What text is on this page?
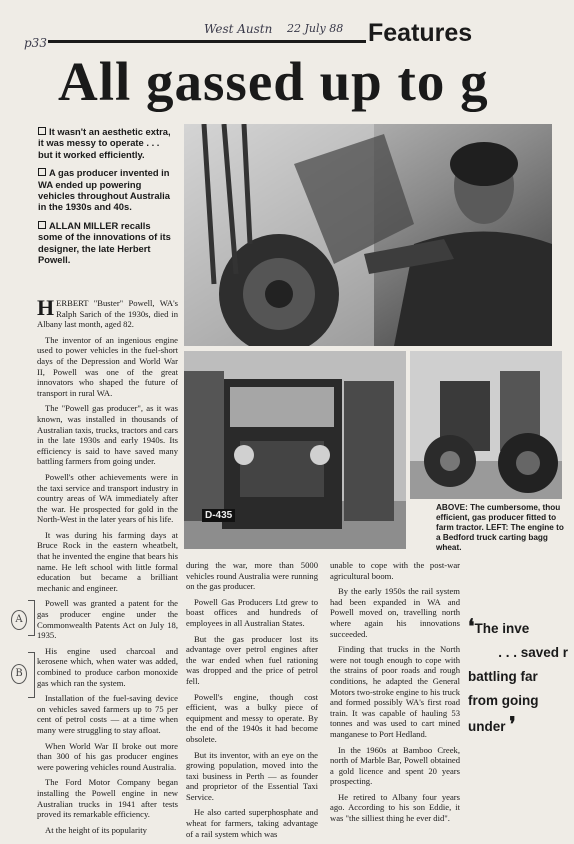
p33
West Austn 22 July 88 Features
All gassed up to g

It wasn't an aesthetic extra, it was messy to operate . . . but it worked efficiently.

A gas producer invented in WA ended up powering vehicles throughout Australia in the 1930s and 40s.

ALLAN MILLER recalls some of the innovations of its designer, the late Herbert Powell.

D-435
ABOVE: The cumbersome, thou efficient, gas producer fitted to farm tractor. LEFT: The engine to a Bedford truck carting bagg wheat.

HERBERT "Buster" Powell, WA's Ralph Sarich of the 1930s, died in Albany last month, aged 82.

The inventor of an ingenious engine used to power vehicles in the fuel-short days of the Depression and World War II, Powell was one of the great innovators who shaped the future of transport in rural WA.

The "Powell gas producer", as it was known, was installed in thousands of Australian taxis, trucks, tractors and cars in the late 1930s and early 1940s. Its efficiency is said to have saved many battling farmers from going under.

Powell's other achievements were in the taxi service and transport industry in country areas of WA immediately after the war. He prospected for gold in the North-West in the later years of his life.

It was during his farming days at Bruce Rock in the eastern wheatbelt, that he invented the engine that bears his name. He left school with little formal education but became a brilliant mechanic and engineer.

Powell was granted a patent for the gas producer engine under the Commonwealth Patents Act on July 18, 1935.

His engine used charcoal and kerosene which, when water was added, combined to produce carbon monoxide gas which ran the system.

Installation of the fuel-saving device on vehicles saved farmers up to 75 per cent of petrol costs — at a time when many were struggling to stay afloat.

When World War II broke out more than 300 of his gas producer engines were powering vehicles round Australia.

The Ford Motor Company began installing the Powell engine in new Australian trucks in 1941 after tests proved its remarkable efficiency.

At the height of its popularity

A
B

during the war, more than 5000 vehicles round Australia were running on the gas producer.

Powell Gas Producers Ltd grew to boast offices and hundreds of employees in all Australian States.

But the gas producer lost its advantage over petrol engines after the war ended when fuel rationing was dropped and the price of petrol fell.

Powell's engine, though cost efficient, was a bulky piece of equipment and messy to operate. By the end of the 1940s it had become obsolete.

But its inventor, with an eye on the growing population, moved into the taxi business in Perth — as founder and proprietor of the Essential Taxi Service.

He also carted superphosphate and wheat for farmers, taking advantage of a rail system which was

unable to cope with the post-war agricultural boom.

By the early 1950s the rail system had been expanded in WA and Powell moved on, travelling north where again his innovations succeeded.

Finding that trucks in the North were not tough enough to cope with the strains of poor roads and rough conditions, he adapted the General Motors two-stroke engine to his truck and formed possibly WA's first road train. It was capable of hauling 53 tonnes and was used to cart mined manganese to Port Hedland.

In the 1960s at Bamboo Creek, north of Marble Bar, Powell obtained a gold licence and spent 20 years prospecting.

He retired to Albany four years ago. According to his son Eddie, it was "the silliest thing he ever did".

❛The inve
. . . saved r
battling far
from going
under ❜
